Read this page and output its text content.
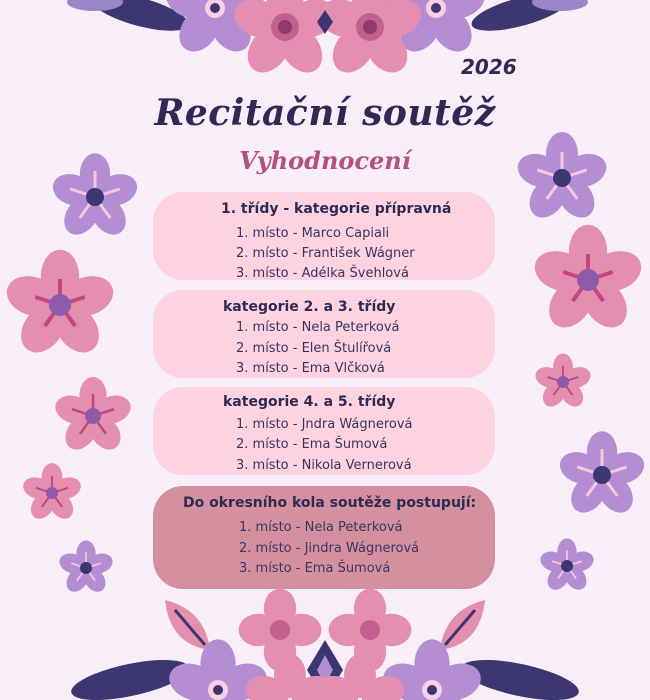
2026
Recitační soutěž
Vyhodnocení
1. třídy - kategorie přípravná
1. místo - Marco Capiali
2. místo - František Wágner
3. místo - Adélka Švehlová
kategorie 2. a 3. třídy
1. místo - Nela Peterková
2. místo - Elen Štulířová
3. místo - Ema Vlčková
kategorie 4. a 5. třídy
1. místo - Jndra Wágnerová
2. místo - Ema Šumová
3. místo - Nikola Vernerová
Do okresního kola soutěže postupují:
1. místo - Nela Peterková
2. místo - Jindra Wágnerová
3. místo - Ema Šumová
